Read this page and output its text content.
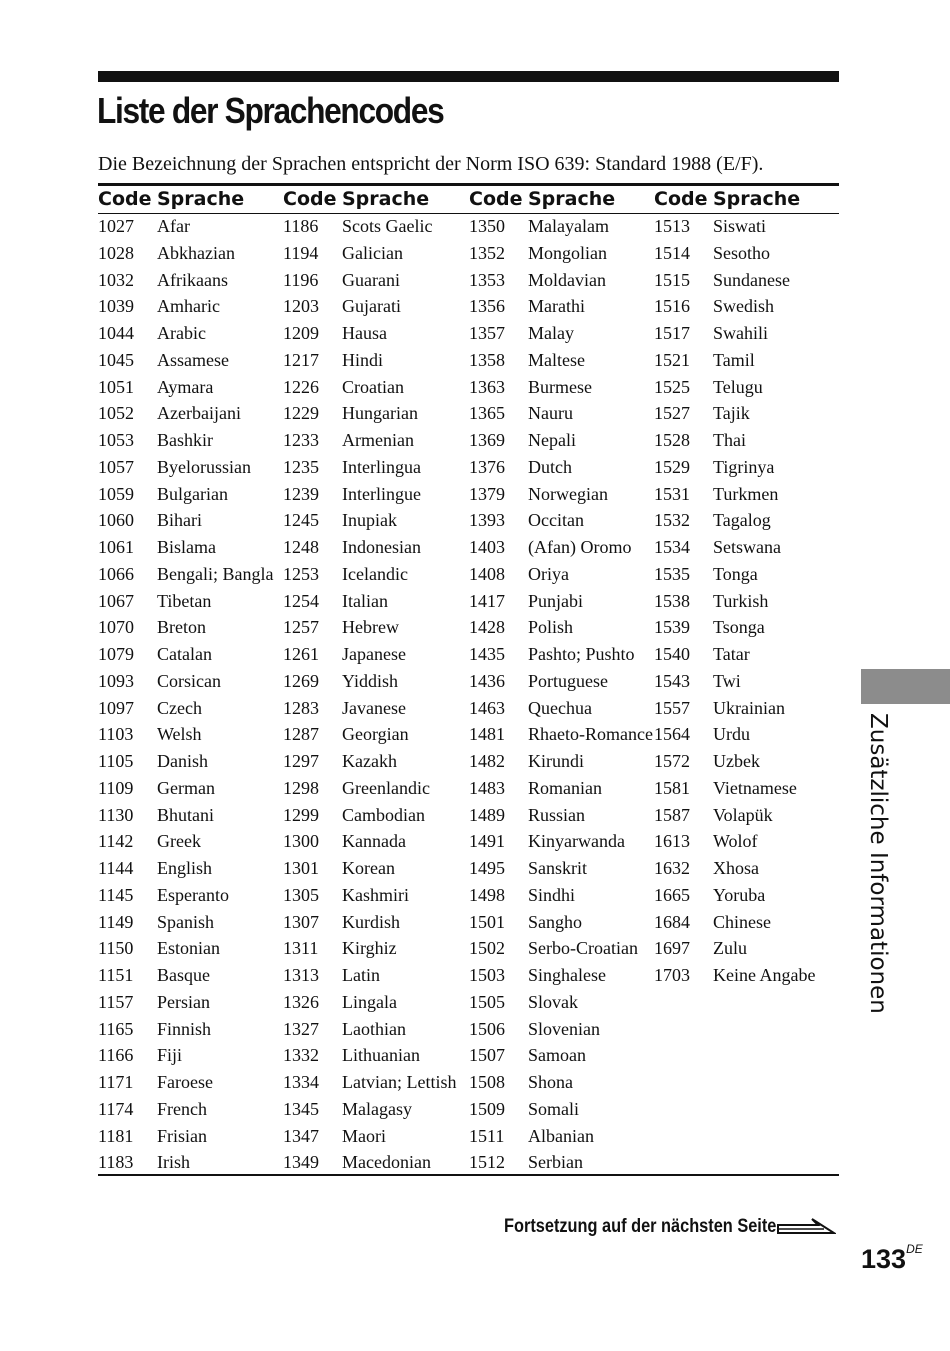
Liste der Sprachencodes
Die Bezeichnung der Sprachen entspricht der Norm ISO 639: Standard 1988 (E/F).
Code Sprache
1027 Afar
1028 Abkhazian
1032 Afrikaans
1039 Amharic
1044 Arabic
1045 Assamese
1051 Aymara
1052 Azerbaijani
1053 Bashkir
1057 Byelorussian
1059 Bulgarian
1060 Bihari
1061 Bislama
1066 Bengali; Bangla
1067 Tibetan
1070 Breton
1079 Catalan
1093 Corsican
1097 Czech
1103 Welsh
1105 Danish
1109 German
1130 Bhutani
1142 Greek
1144 English
1145 Esperanto
1149 Spanish
1150 Estonian
1151 Basque
1157 Persian
1165 Finnish
1166 Fiji
1171 Faroese
1174 French
1181 Frisian
1183 Irish
Code Sprache
1186 Scots Gaelic
1194 Galician
1196 Guarani
1203 Gujarati
1209 Hausa
1217 Hindi
1226 Croatian
1229 Hungarian
1233 Armenian
1235 Interlingua
1239 Interlingue
1245 Inupiak
1248 Indonesian
1253 Icelandic
1254 Italian
1257 Hebrew
1261 Japanese
1269 Yiddish
1283 Javanese
1287 Georgian
1297 Kazakh
1298 Greenlandic
1299 Cambodian
1300 Kannada
1301 Korean
1305 Kashmiri
1307 Kurdish
1311 Kirghiz
1313 Latin
1326 Lingala
1327 Laothian
1332 Lithuanian
1334 Latvian; Lettish
1345 Malagasy
1347 Maori
1349 Macedonian
Code Sprache
1350 Malayalam
1352 Mongolian
1353 Moldavian
1356 Marathi
1357 Malay
1358 Maltese
1363 Burmese
1365 Nauru
1369 Nepali
1376 Dutch
1379 Norwegian
1393 Occitan
1403 (Afan) Oromo
1408 Oriya
1417 Punjabi
1428 Polish
1435 Pashto; Pushto
1436 Portuguese
1463 Quechua
1481 Rhaeto-Romance
1482 Kirundi
1483 Romanian
1489 Russian
1491 Kinyarwanda
1495 Sanskrit
1498 Sindhi
1501 Sangho
1502 Serbo-Croatian
1503 Singhalese
1505 Slovak
1506 Slovenian
1507 Samoan
1508 Shona
1509 Somali
1511 Albanian
1512 Serbian
Code Sprache
1513 Siswati
1514 Sesotho
1515 Sundanese
1516 Swedish
1517 Swahili
1521 Tamil
1525 Telugu
1527 Tajik
1528 Thai
1529 Tigrinya
1531 Turkmen
1532 Tagalog
1534 Setswana
1535 Tonga
1538 Turkish
1539 Tsonga
1540 Tatar
1543 Twi
1557 Ukrainian
1564 Urdu
1572 Uzbek
1581 Vietnamese
1587 Volapük
1613 Wolof
1632 Xhosa
1665 Yoruba
1684 Chinese
1697 Zulu
1703 Keine Angabe Zusätzliche Informationen
Fortsetzung auf der nächsten Seite
133DE
